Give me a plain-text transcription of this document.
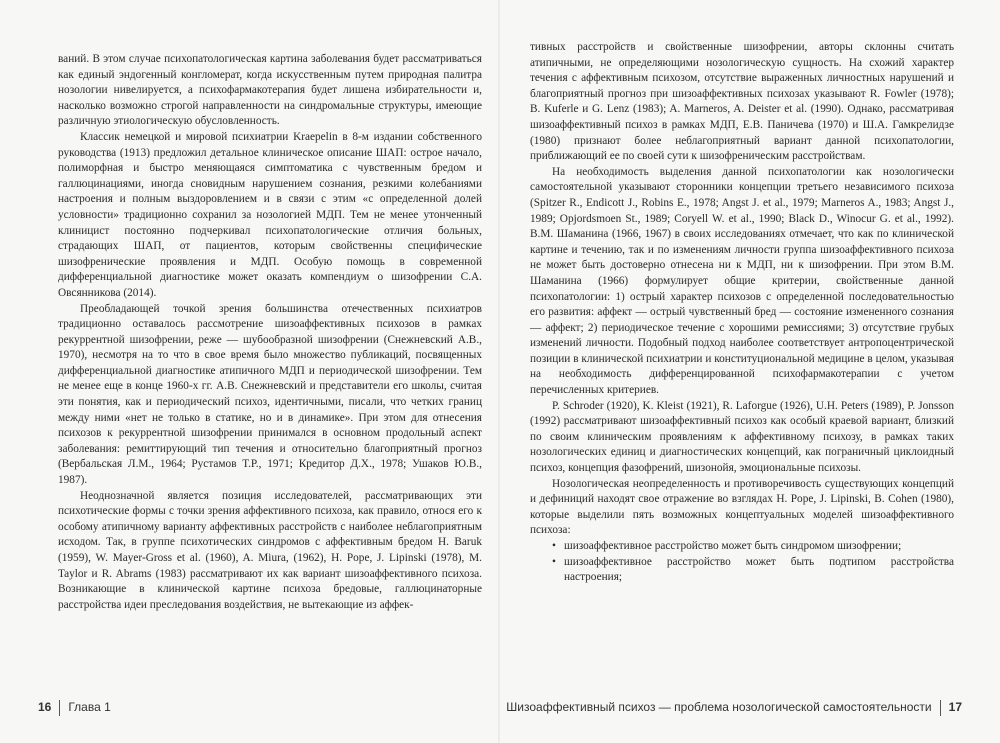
ваний. В этом случае психопатологическая картина заболевания будет рассматриваться как единый эндогенный конгломерат, когда искусственным путем природная палитра нозологии нивелируется, а психофармакотерапия будет лишена избирательности и, насколько возможно строгой направленности на синдромальные структуры, имеющие различную этиологическую обусловленность.

Классик немецкой и мировой психиатрии Kraepelin в 8-м издании собственного руководства (1913) предложил детальное клиническое описание ШАП: острое начало, полиморфная и быстро меняющаяся симптоматика с чувственным бредом и галлюцинациями, иногда сновидным нарушением сознания, резкими колебаниями настроения и полным выздоровлением и в связи с этим «с определенной долей условности» традиционно сохранил за нозологией МДП. Тем не менее утонченный клиницист постоянно подчеркивал психопатологические отличия больных, страдающих ШАП, от пациентов, которым свойственны специфические шизофренические проявления и МДП. Особую помощь в современной дифференциальной диагностике может оказать компендиум о шизофрении С.А. Овсянникова (2014).

Преобладающей точкой зрения большинства отечественных психиатров традиционно оставалось рассмотрение шизоаффективных психозов в рамках рекуррентной шизофрении, реже — шубообразной шизофрении (Снежневский А.В., 1970), несмотря на то что в свое время было множество публикаций, посвященных дифференциальной диагностике атипичного МДП и периодической шизофрении. Тем не менее еще в конце 1960-х гг. А.В. Снежневский и представители его школы, считая эти понятия, как и периодический психоз, идентичными, писали, что четких границ между ними «нет не только в статике, но и в динамике». При этом для отнесения психозов к рекуррентной шизофрении принимался в основном продольный аспект заболевания: ремиттирующий тип течения и относительно благоприятный прогноз (Вербальская Л.М., 1964; Рустамов Т.Р., 1971; Кредитор Д.Х., 1978; Ушаков Ю.В., 1987).

Неоднозначной является позиция исследователей, рассматривающих эти психотические формы с точки зрения аффективного психоза, как правило, относя его к особому атипичному варианту аффективных расстройств с наиболее неблагоприятным исходом. Так, в группе психотических синдромов с аффективным бредом H. Baruk (1959), W. Mayer-Gross et al. (1960), A. Miura, (1962), H. Pope, J. Lipinski (1978), M. Taylor и R. Abrams (1983) рассматривают их как вариант шизоаффективного психоза. Возникающие в клинической картине психоза бредовые, галлюцинаторные расстройства идеи преследования воздействия, не вытекающие из аффек-

16 Глава 1

тивных расстройств и свойственные шизофрении, авторы склонны считать атипичными, не определяющими нозологическую сущность. На схожий характер течения с аффективным психозом, отсутствие выраженных личностных нарушений и благоприятный прогноз при шизоаффективных психозах указывают R. Fowler (1978); B. Kuferle и G. Lenz (1983); A. Marneros, A. Deister et al. (1990). Однако, рассматривая шизоаффективный психоз в рамках МДП, Е.В. Паничева (1970) и Ш.А. Гамкрелидзе (1980) признают более неблагоприятный вариант данной психопатологии, приближающий ее по своей сути к шизофреническим расстройствам.

На необходимость выделения данной психопатологии как нозологически самостоятельной указывают сторонники концепции третьего независимого психоза (Spitzer R., Endicott J., Robins E., 1978; Angst J. et al., 1979; Marneros A., 1983; Angst J., 1989; Opjordsmoen St., 1989; Coryell W. et al., 1990; Black D., Winocur G. et al., 1992). В.М. Шаманина (1966, 1967) в своих исследованиях отмечает, что как по клинической картине и течению, так и по изменениям личности группа шизоаффективного психоза не может быть достоверно отнесена ни к МДП, ни к шизофрении. При этом В.М. Шаманина (1966) формулирует общие критерии, свойственные данной психопатологии: 1) острый характер психозов с определенной последовательностью его развития: аффект — острый чувственный бред — состояние измененного сознания — аффект; 2) периодическое течение с хорошими ремиссиями; 3) отсутствие грубых изменений личности. Подобный подход наиболее соответствует антропоцентрической позиции в клинической психиатрии и конституциональной медицине в целом, указывая на необходимость дифференцированной психофармакотерапии с учетом перечисленных критериев.

P. Schroder (1920), K. Kleist (1921), R. Laforgue (1926), U.H. Peters (1989), P. Jonsson (1992) рассматривают шизоаффективный психоз как особый краевой вариант, близкий по своим клиническим проявлениям к аффективному психозу, в рамках таких нозологических единиц и диагностических концепций, как пограничный циклоидный психоз, концепция фазофрений, шизонойя, эмоциональные психозы.

Нозологическая неопределенность и противоречивость существующих концепций и дефиниций находят свое отражение во взглядах H. Pope, J. Lipinski, B. Cohen (1980), которые выделили пять возможных концептуальных моделей шизоаффективного психоза:

• шизоаффективное расстройство может быть синдромом шизофрении;
• шизоаффективное расстройство может быть подтипом расстройства настроения;
Шизоаффективный психоз — проблема нозологической самостоятельности 17
